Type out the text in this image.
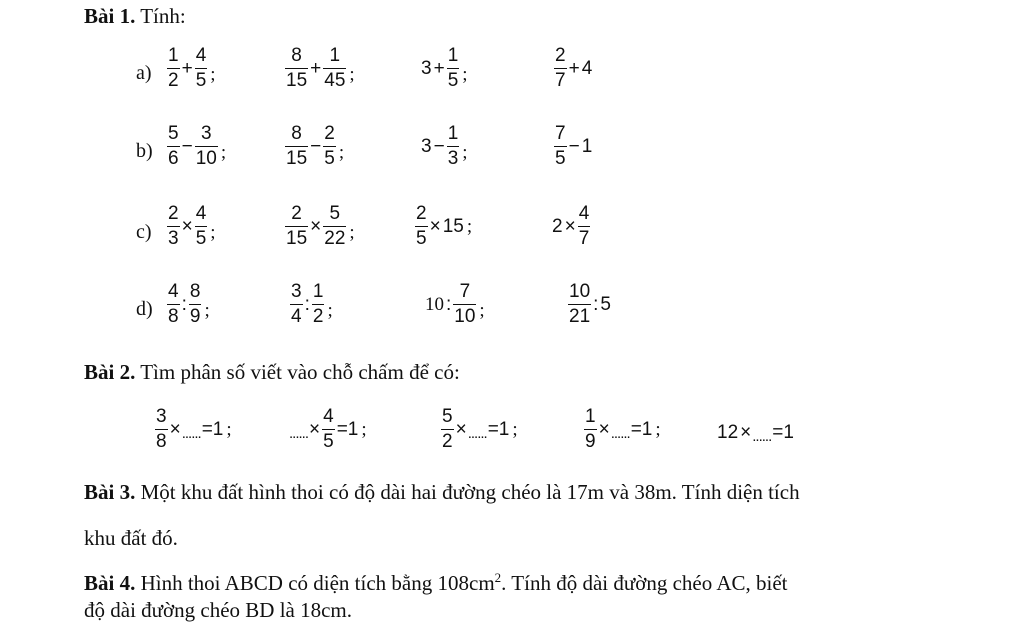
Bài 1. Tính:
$a) \frac{1}{2} + \frac{4}{5}$ ;	$\frac{8}{15} + \frac{1}{45}$ ;	$3 + \frac{1}{5}$ ;	$\frac{2}{7} + 4$
$b) \frac{5}{6} - \frac{3}{10}$ ;	$\frac{8}{15} - \frac{2}{5}$ ;	$3 - \frac{1}{3}$ ;	$\frac{7}{5} - 1$
$c) \frac{2}{3} \times \frac{4}{5}$ ;	$\frac{2}{15} \times \frac{5}{22}$ ;	$\frac{2}{5} \times 15$ ;	$2 \times \frac{4}{7}$
$d) \frac{4}{8}$ : $\frac{8}{9}$ ;	$\frac{3}{4}$ : $\frac{1}{2}$ ;	10 : $\frac{7}{10}$ ;	$\frac{10}{21}$ : 5
Bài 2. Tìm phân số viết vào chỗ chấm để có:
$\frac{3}{8}$ × ...... =1 ;	...... × $\frac{4}{5} =1$ ;	$\frac{5}{2}$ × ...... =1 ;	$\frac{1}{9}$ × ...... =1 ;	12 × ...... =1
Bài 3. Một khu đất hình thoi có độ dài hai đường chéo là 17m và 38m. Tính diện tích
khu đất đó.
Bài 4. Hình thoi ABCD có diện tích bằng $108cm^2$. Tính độ dài đường chéo AC, biết
độ dài đường chéo BD là 18cm.
